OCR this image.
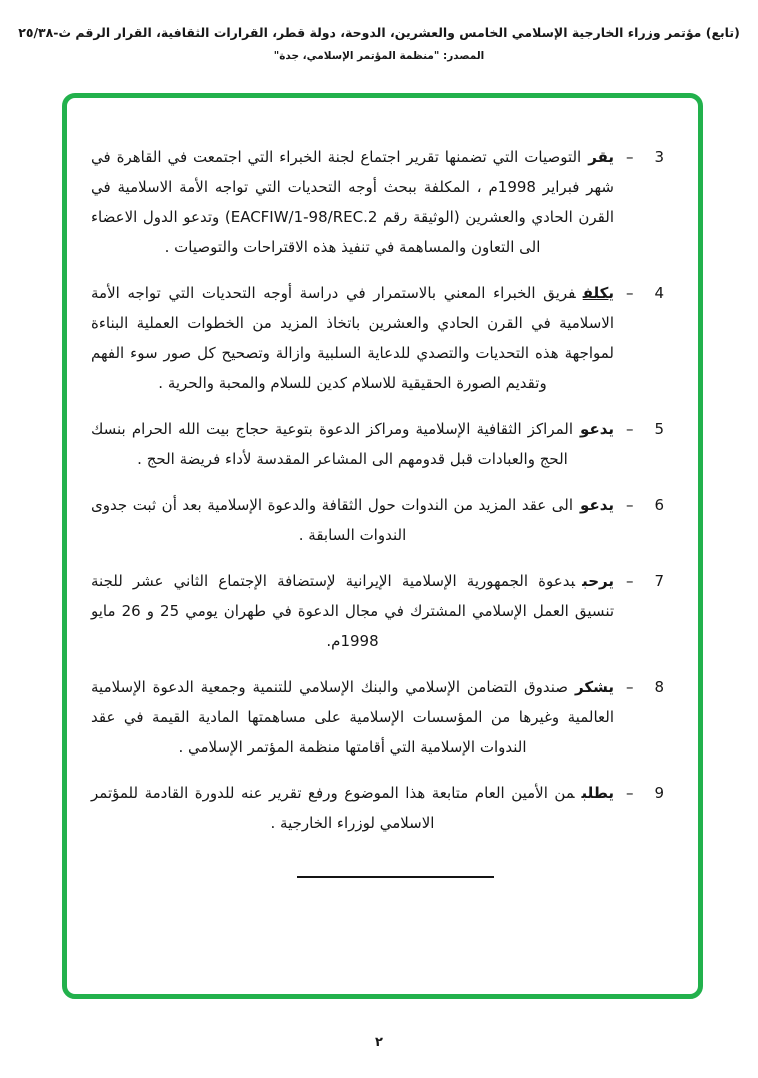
(تابع) مؤتمر وزراء الخارجية الإسلامي الخامس والعشرين، الدوحة، دولة قطر، القرارات الثقافية، القرار الرقم ٢٥/٣٨-ث
المصدر: "منظمة المؤتمر الإسلامي، جدة"
3
–

يقرالتوصيات التي تضمنها تقرير اجتماع لجنة الخبراء التي اجتمعت في القاهرة في شهر فبراير 1998م ، المكلفة ببحث أوجه التحديات التي تواجه الأمة الاسلامية في القرن الحادي والعشرين (الوثيقة رقم EACFIW/1-98/REC.2) وتدعو الدول الاعضاء الى التعاون والمساهمة في تنفيذ هذه الاقتراحات والتوصيات .

4
–

يكلففريق الخبراء المعني بالاستمرار في دراسة أوجه التحديات التي تواجه الأمة الاسلامية في القرن الحادي والعشرين باتخاذ المزيد من الخطوات العملية البناءة لمواجهة هذه التحديات والتصدي للدعاية السلبية وازالة وتصحيح كل صور سوء الفهم وتقديم الصورة الحقيقية للاسلام كدين للسلام والمحبة والحرية .

5
–

يدعوالمراكز الثقافية الإسلامية ومراكز الدعوة بتوعية حجاج بيت الله الحرام بنسك الحج والعبادات قبل قدومهم الى المشاعر المقدسة لأداء فريضة الحج .

6
–

يدعوالى عقد المزيد من الندوات حول الثقافة والدعوة الإسلامية بعد أن ثبت جدوى الندوات السابقة .

7
–

يرحببدعوة الجمهورية الإسلامية الإيرانية لإستضافة الإجتماع الثاني عشر للجنة تنسيق العمل الإسلامي المشترك في مجال الدعوة في طهران يومي 25 و 26 مايو 1998م.

8
–

يشكرصندوق التضامن الإسلامي والبنك الإسلامي للتنمية وجمعية الدعوة الإسلامية العالمية وغيرها من المؤسسات الإسلامية على مساهمتها المادية القيمة في عقد الندوات الإسلامية التي أقامتها منظمة المؤتمر الإسلامي .

9
–

يطلبمن الأمين العام متابعة هذا الموضوع ورفع تقرير عنه للدورة القادمة للمؤتمر الاسلامي لوزراء الخارجية .

٢
